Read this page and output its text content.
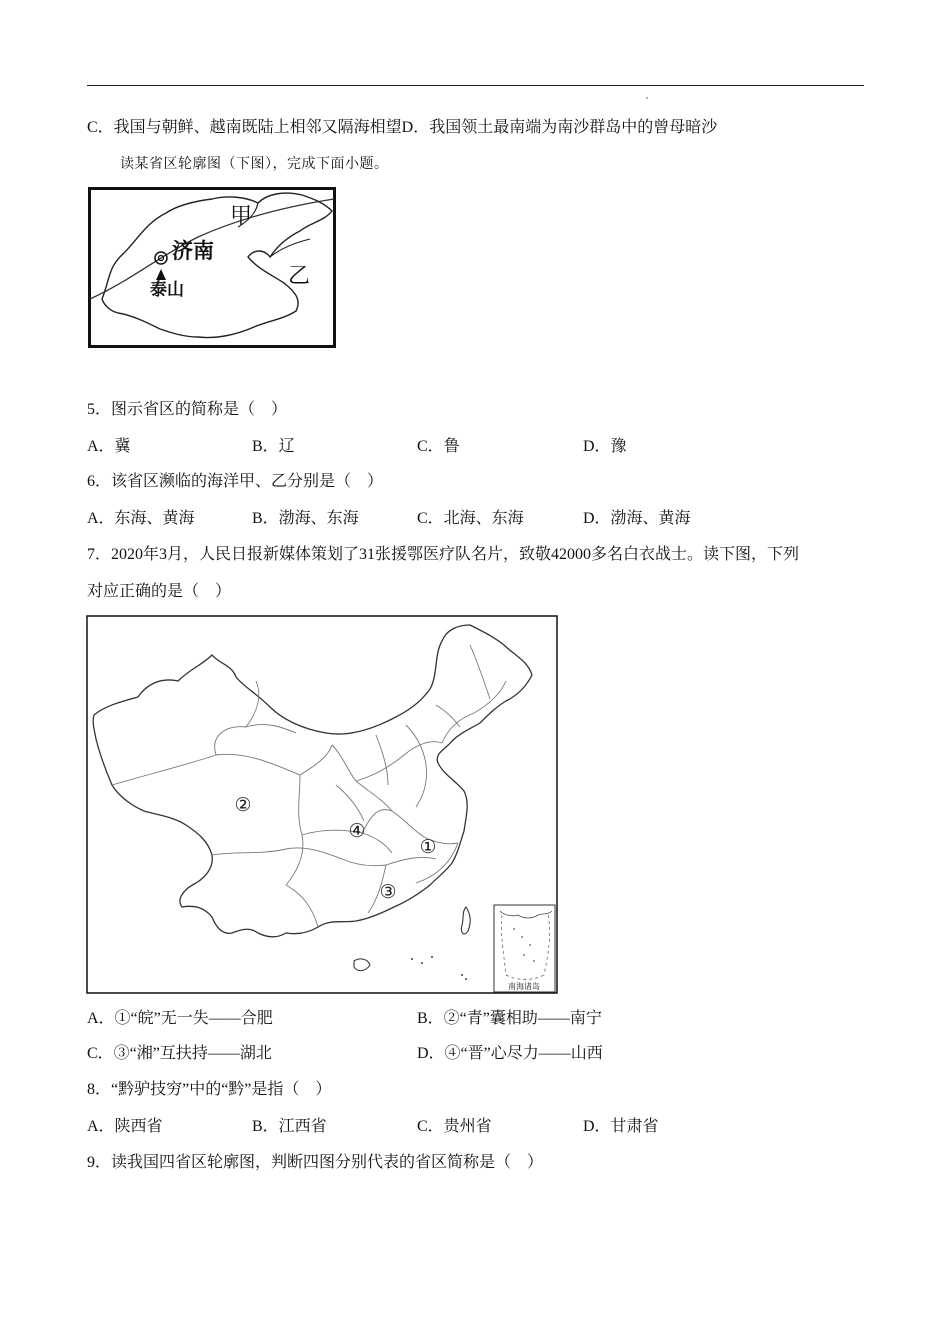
C．我国与朝鲜、越南既陆上相邻又隔海相望D．我国领土最南端为南沙群岛中的曾母暗沙
读某省区轮廓图（下图），完成下面小题。
甲
济南
泰山
乙
5．图示省区的简称是（　）
A．冀	B．辽	C．鲁	D．豫
6．该省区濒临的海洋甲、乙分别是（　）
A．东海、黄海	B．渤海、东海	C．北海、东海	D．渤海、黄海
7．2020年3月，人民日报新媒体策划了31张援鄂医疗队名片，致敬42000多名白衣战士。读下图，下列
对应正确的是（　）
②
④
①
③
南海诸岛
A．①“皖”无一失——合肥	B．②“青”囊相助——南宁
C．③“湘”互扶持——湖北	D．④“晋”心尽力——山西
8．“黔驴技穷”中的“黔”是指（　）
A．陕西省	B．江西省	C．贵州省	D．甘肃省
9．读我国四省区轮廓图，判断四图分别代表的省区简称是（　）
